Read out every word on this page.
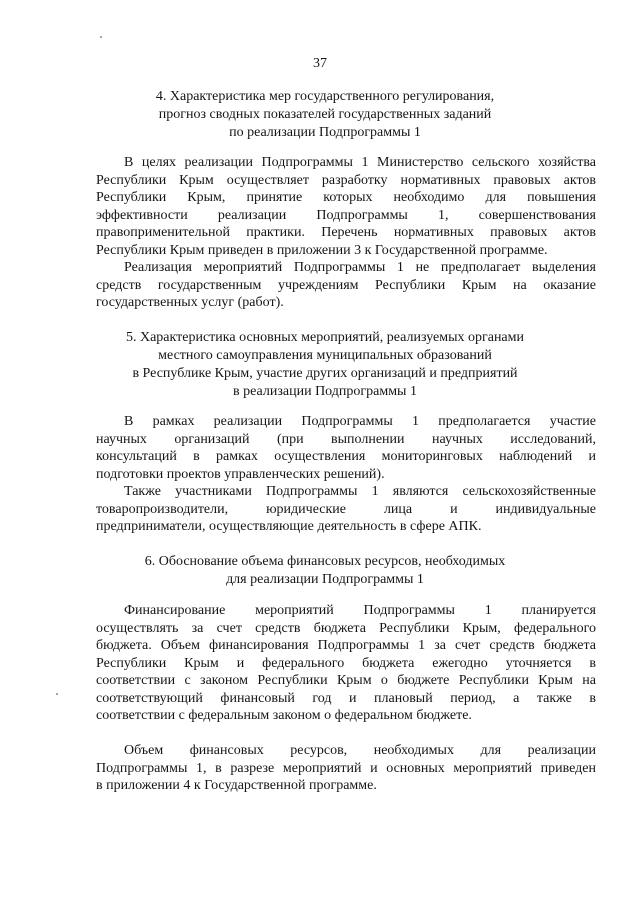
37
4. Характеристика мер государственного регулирования,
прогноз сводных показателей государственных заданий
по реализации Подпрограммы 1
В целях реализации Подпрограммы 1 Министерство сельского хозяйства
Республики Крым осуществляет разработку нормативных правовых актов
Республики Крым, принятие которых необходимо для повышения
эффективности реализации Подпрограммы 1, совершенствования
правоприменительной практики. Перечень нормативных правовых актов
Республики Крым приведен в приложении 3 к Государственной программе.
Реализация мероприятий Подпрограммы 1 не предполагает выделения
средств государственным учреждениям Республики Крым на оказание
государственных услуг (работ).
5. Характеристика основных мероприятий, реализуемых органами
местного самоуправления муниципальных образований
в Республике Крым, участие других организаций и предприятий
в реализации Подпрограммы 1
В рамках реализации Подпрограммы 1 предполагается участие
научных организаций (при выполнении научных исследований,
консультаций в рамках осуществления мониторинговых наблюдений и
подготовки проектов управленческих решений).
Также участниками Подпрограммы 1 являются сельскохозяйственные
товаропроизводители, юридические лица и индивидуальные
предприниматели, осуществляющие деятельность в сфере АПК.
6. Обоснование объема финансовых ресурсов, необходимых
для реализации Подпрограммы 1
Финансирование мероприятий Подпрограммы 1 планируется
осуществлять за счет средств бюджета Республики Крым, федерального
бюджета. Объем финансирования Подпрограммы 1 за счет средств бюджета
Республики Крым и федерального бюджета ежегодно уточняется в
соответствии с законом Республики Крым о бюджете Республики Крым на
соответствующий финансовый год и плановый период, а также в
соответствии с федеральным законом о федеральном бюджете.
Объем финансовых ресурсов, необходимых для реализации
Подпрограммы 1, в разрезе мероприятий и основных мероприятий приведен
в приложении 4 к Государственной программе.
